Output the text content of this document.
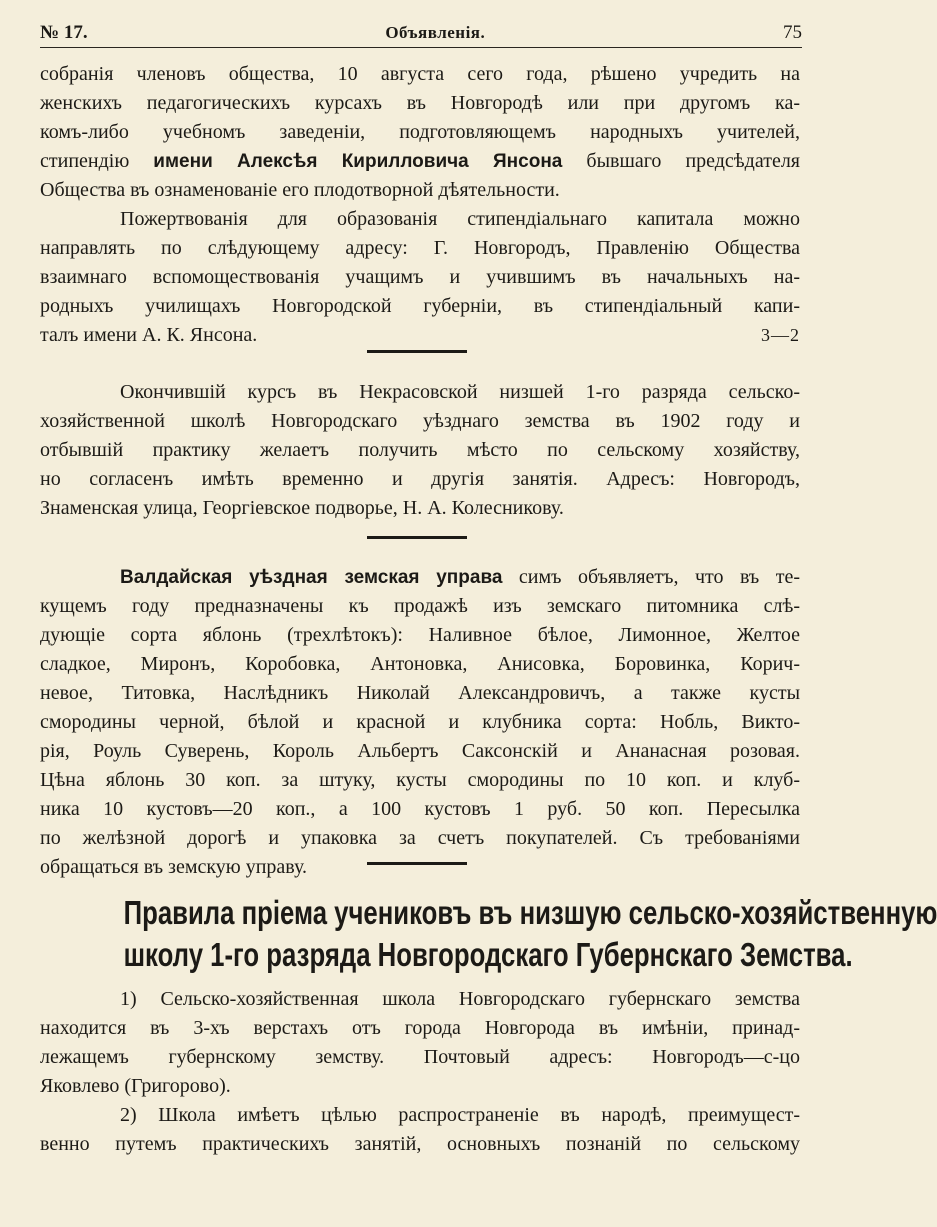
№ 17.	Объявленія.	75
собранія членовъ общества, 10 августа сего года, рѣшено учредить на
женскихъ педагогическихъ курсахъ въ Новгородѣ или при другомъ ка-
комъ-либо учебномъ заведеніи, подготовляющемъ народныхъ учителей,
стипендію имени Алексѣя Кирилловича Янсона бывшаго предсѣдателя
Общества въ ознаменованіе его плодотворной дѣятельности.
Пожертвованія для образованія стипендіальнаго капитала можно
направлять по слѣдующему адресу: Г. Новгородъ, Правленію Общества
взаимнаго вспомоществованія учащимъ и учившимъ въ начальныхъ на-
родныхъ училищахъ Новгородской губерніи, въ стипендіальный капи-
талъ имени А. К. Янсона.	3—2
Окончившій курсъ въ Некрасовской низшей 1-го разряда сельско-
хозяйственной школѣ Новгородскаго уѣзднаго земства въ 1902 году и
отбывшій практику желаетъ получить мѣсто по сельскому хозяйству,
но согласенъ имѣть временно и другія занятія. Адресъ: Новгородъ,
Знаменская улица, Георгіевское подворье, Н. А. Колесникову.
Валдайская уѣздная земская управа симъ объявляетъ, что въ те-
кущемъ году предназначены къ продажѣ изъ земскаго питомника слѣ-
дующіе сорта яблонь (трехлѣтокъ): Наливное бѣлое, Лимонное, Желтое
сладкое, Миронъ, Коробовка, Антоновка, Анисовка, Боровинка, Корич-
невое, Титовка, Наслѣдникъ Николай Александровичъ, а также кусты
смородины черной, бѣлой и красной и клубника сорта: Нобль, Викто-
рія, Роуль Суверень, Король Альбертъ Саксонскій и Ананасная розовая.
Цѣна яблонь 30 коп. за штуку, кусты смородины по 10 коп. и клуб-
ника 10 кустовъ—20 коп., а 100 кустовъ 1 руб. 50 коп. Пересылка
по желѣзной дорогѣ и упаковка за счетъ покупателей. Съ требованіями
обращаться въ земскую управу.
Правила пріема учениковъ въ низшую сельско-хозяйственную
школу 1-го разряда Новгородскаго Губернскаго Земства.
1) Сельско-хозяйственная школа Новгородскаго губернскаго земства
находится въ 3-хъ верстахъ отъ города Новгорода въ имѣніи, принад-
лежащемъ губернскому земству. Почтовый адресъ: Новгородъ—с-цо
Яковлево (Григорово).
2) Школа имѣетъ цѣлью распространеніе въ народѣ, преимущест-
венно путемъ практическихъ занятій, основныхъ познаній по сельскому
